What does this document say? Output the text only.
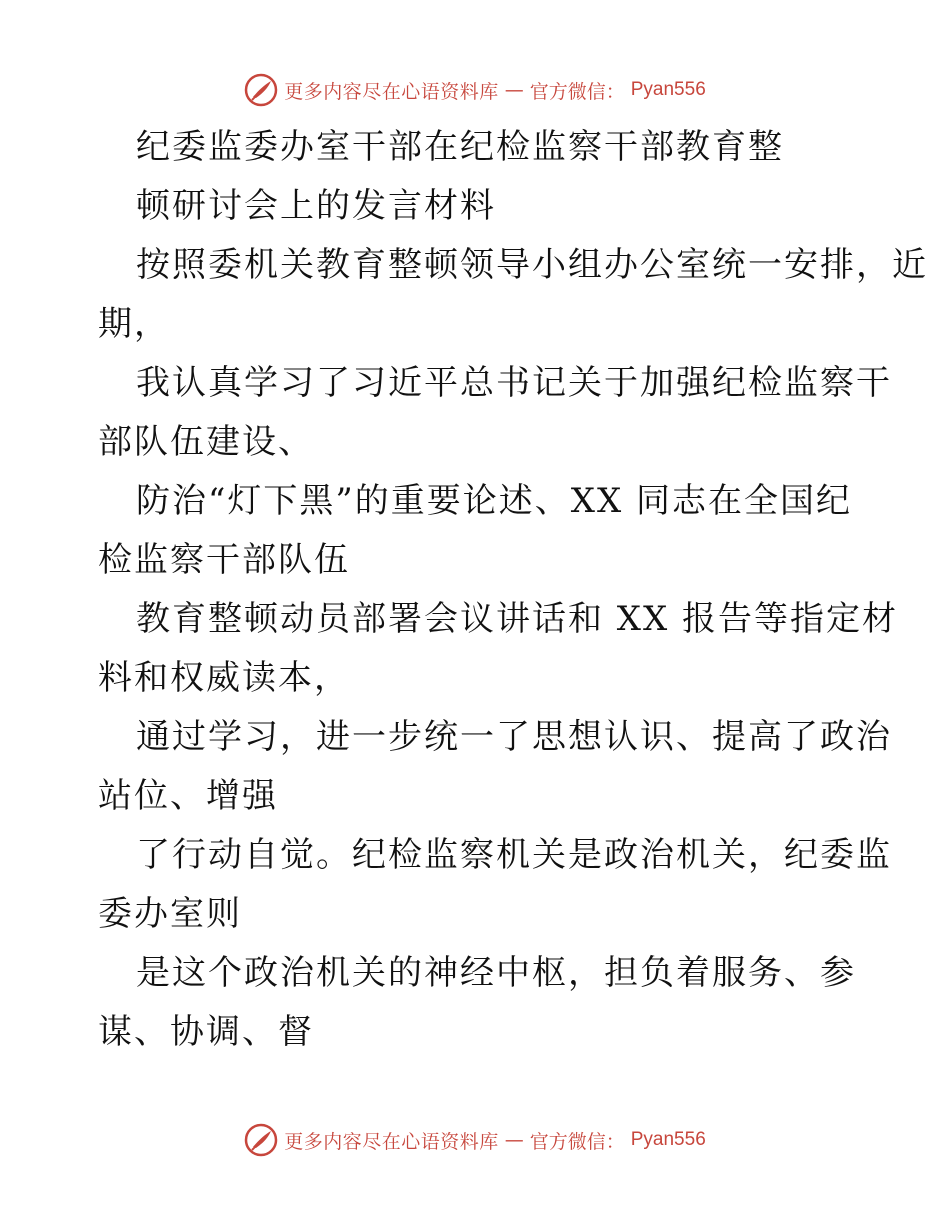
更多内容尽在心语资料库 — 官方微信： Pyan556
纪委监委办室干部在纪检监察干部教育整
顿研讨会上的发言材料
按照委机关教育整顿领导小组办公室统一安排，近
期，
我认真学习了习近平总书记关于加强纪检监察干
部队伍建设、
防治“灯下黑”的重要论述、XX 同志在全国纪
检监察干部队伍
教育整顿动员部署会议讲话和 XX 报告等指定材
料和权威读本，
通过学习，进一步统一了思想认识、提高了政治
站位、增强
了行动自觉。纪检监察机关是政治机关，纪委监
委办室则
是这个政治机关的神经中枢，担负着服务、参
谋、协调、督
更多内容尽在心语资料库 — 官方微信： Pyan556
